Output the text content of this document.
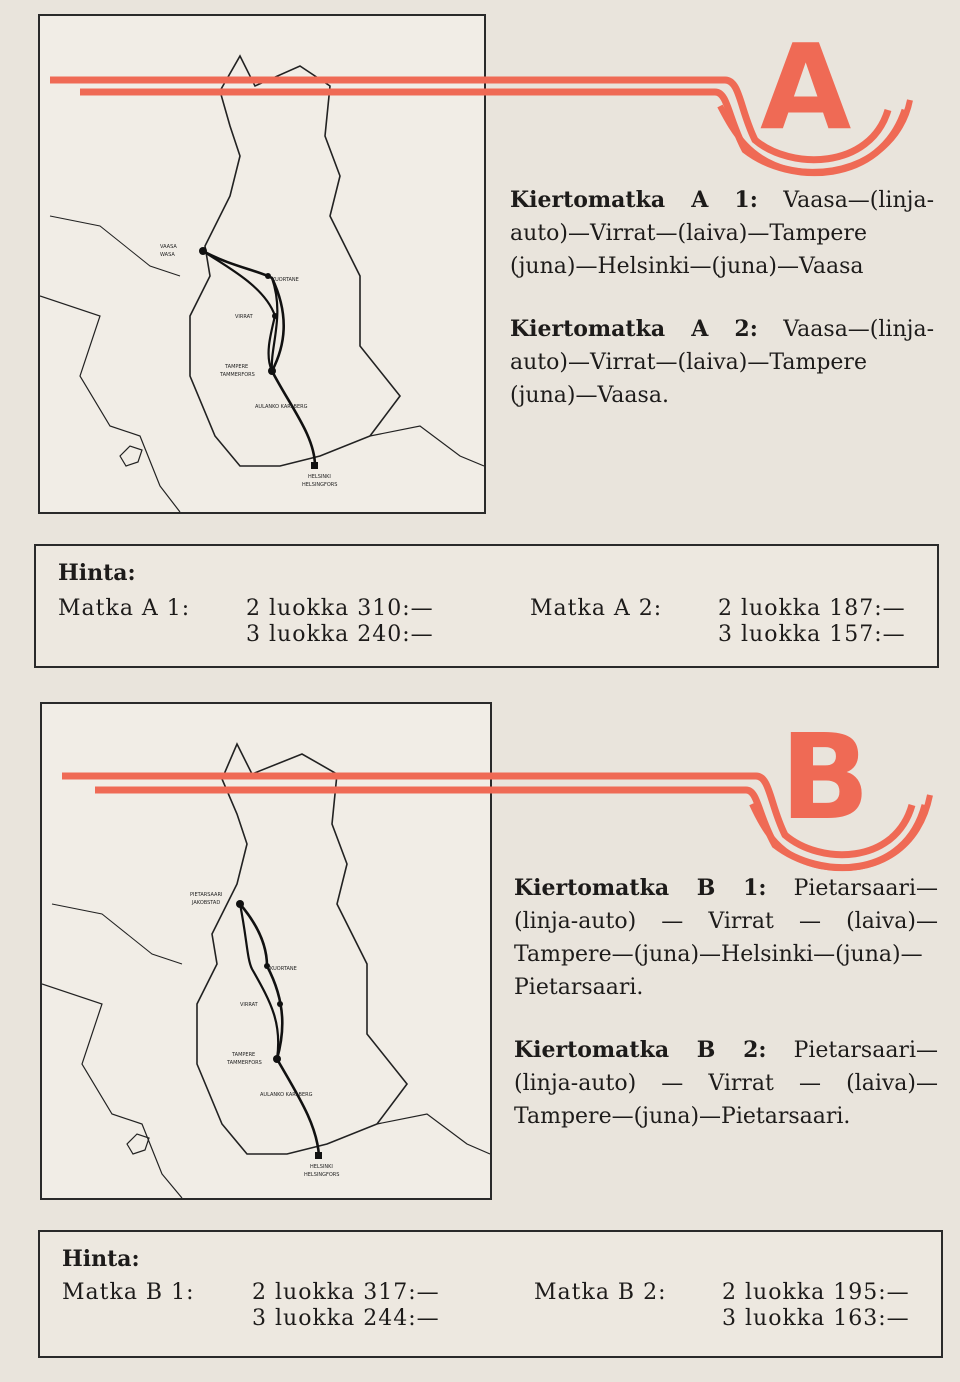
VAASA
WASA
KUORTANE
VIRRAT
TAMPERE
TAMMERFORS
AULANKO KARLBERG
HELSINKI
HELSINGFORS
A

Kiertomatka A 1: Vaasa—(linja-auto)—Virrat—(laiva)—Tampere (juna)—Helsinki—(juna)—Vaasa

Kiertomatka A 2: Vaasa—(linja-auto)—Virrat—(laiva)—Tampere (juna)—Vaasa.

Hinta:
Matka A 1:	2 luokka 310:—
3 luokka 240:—
Matka A 2:	2 luokka 187:—
3 luokka 157:—
PIETARSAARI
JAKOBSTAD
KUORTANE
VIRRAT
TAMPERE
TAMMERFORS
AULANKO KARLBERG
HELSINKI
HELSINGFORS
B

Kiertomatka B 1: Pietarsaari—(linja-auto) — Virrat — (laiva)—Tampere—(juna)—Helsinki—(juna)—Pietarsaari.

Kiertomatka B 2: Pietarsaari—(linja-auto) — Virrat — (laiva)—Tampere—(juna)—Pietarsaari.

Hinta:
Matka B 1:	2 luokka 317:—
3 luokka 244:—
Matka B 2:	2 luokka 195:—
3 luokka 163:—
